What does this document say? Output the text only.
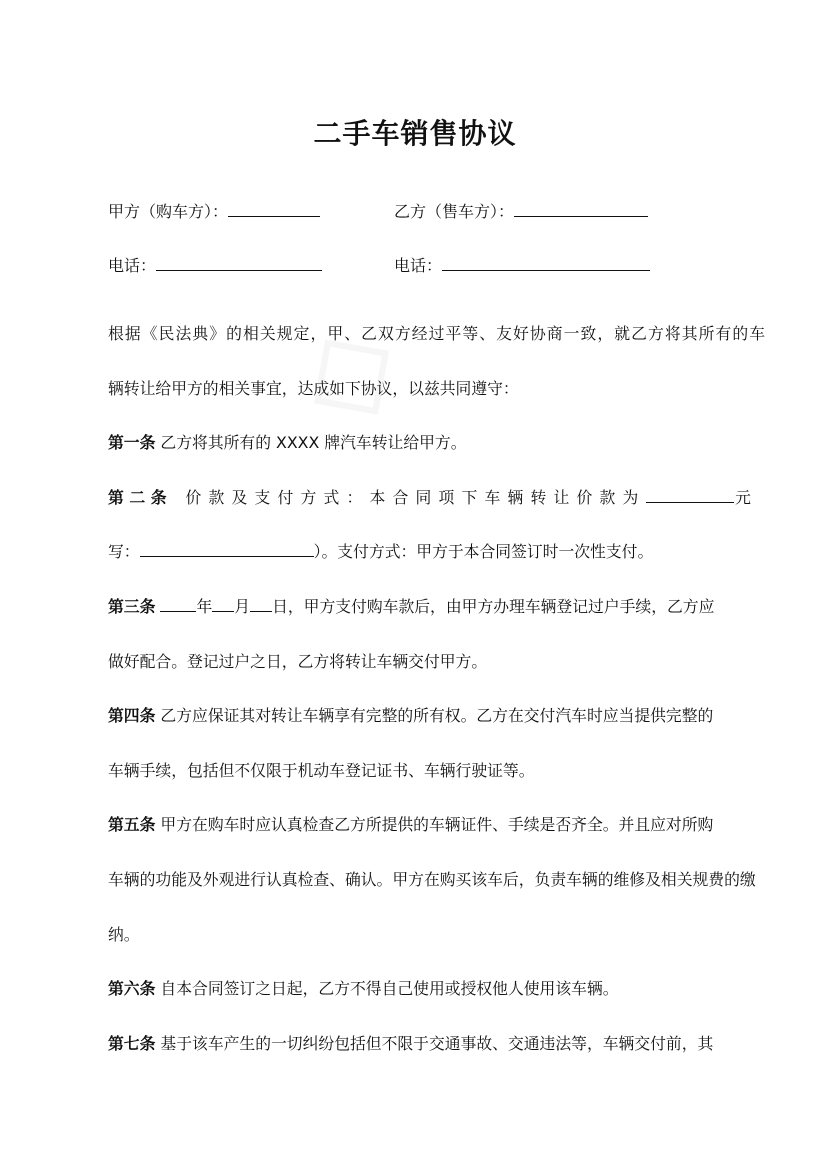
二手车销售协议
甲方（购车方）：	乙方（售车方）：
电话：	电话：
根据《民法典》的相关规定，甲、乙双方经过平等、友好协商一致，就乙方将其所有的车
辆转让给甲方的相关事宜，达成如下协议，以兹共同遵守：
第一条 乙方将其所有的 XXXX 牌汽车转让给甲方。
第二条 价款及支付方式：本合同项下车辆转让价款为	元
写：	）。支付方式：甲方于本合同签订时一次性支付。
第三条	年 月 日，甲方支付购车款后，由甲方办理车辆登记过户手续，乙方应
做好配合。登记过户之日，乙方将转让车辆交付甲方。
第四条 乙方应保证其对转让车辆享有完整的所有权。乙方在交付汽车时应当提供完整的
车辆手续，包括但不仅限于机动车登记证书、车辆行驶证等。
第五条 甲方在购车时应认真检查乙方所提供的车辆证件、手续是否齐全。并且应对所购
车辆的功能及外观进行认真检查、确认。甲方在购买该车后，负责车辆的维修及相关规费的缴
纳。
第六条 自本合同签订之日起，乙方不得自己使用或授权他人使用该车辆。
第七条 基于该车产生的一切纠纷包括但不限于交通事故、交通违法等，车辆交付前，其
